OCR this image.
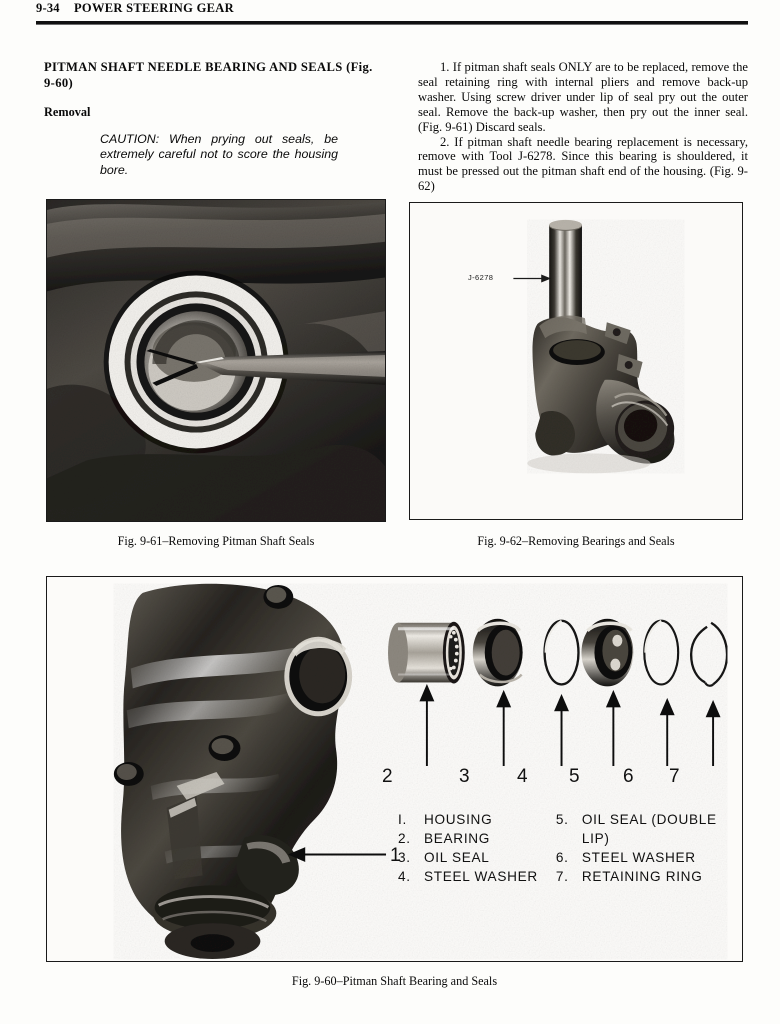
9-34 POWER STEERING GEAR
PITMAN SHAFT NEEDLE BEARING AND SEALS (Fig. 9-60)
Removal
CAUTION: When prying out seals, be extremely careful not to score the housing bore.
1. If pitman shaft seals ONLY are to be replaced, remove the seal retaining ring with internal pliers and remove back-up washer. Using screw driver under lip of seal pry out the outer seal. Remove the back-up washer, then pry out the inner seal. (Fig. 9-61) Discard seals.
2. If pitman shaft needle bearing replacement is necessary, remove with Tool J-6278. Since this bearing is shouldered, it must be pressed out the pitman shaft end of the housing. (Fig. 9-62)
Fig. 9-61–Removing Pitman Shaft Seals
J-6278
Fig. 9-62–Removing Bearings and Seals
1
2	3 4 5 6 7
I.	HOUSING
2. BEARING
3. OIL SEAL
4. STEEL WASHER
5. OIL SEAL (DOUBLE
LIP)
6. STEEL WASHER
7. RETAINING RING
Fig. 9-60–Pitman Shaft Bearing and Seals
